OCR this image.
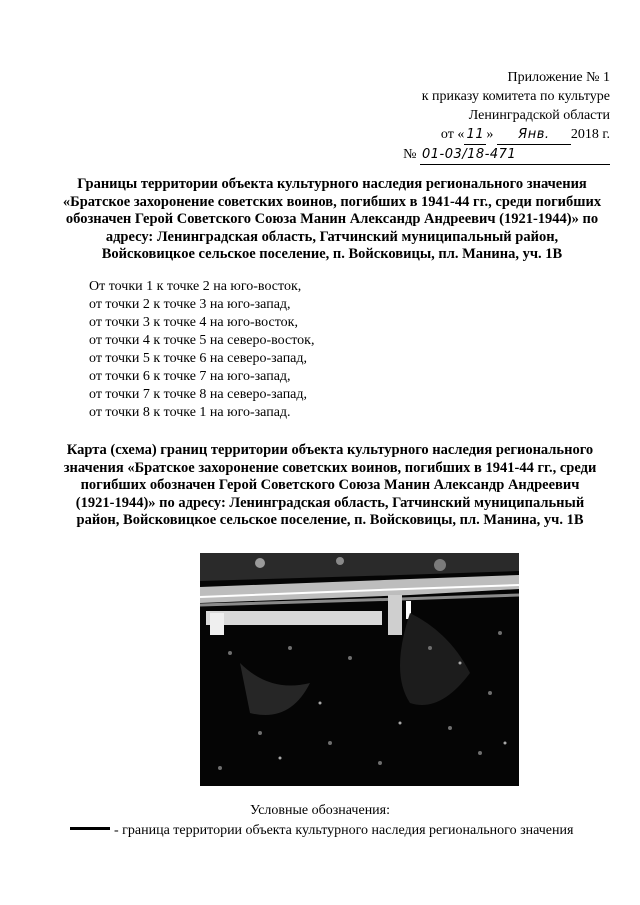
Приложение № 1
к приказу комитета по культуре
Ленинградской области
от « 11 » Янв. 2018 г.
№ 01-03/18-471
Границы территории объекта культурного наследия регионального значения «Братское захоронение советских воинов, погибших в 1941-44 гг., среди погибших обозначен Герой Советского Союза Манин Александр Андреевич (1921-1944)» по адресу: Ленинградская область, Гатчинский муниципальный район, Войсковицкое сельское поселение, п. Войсковицы, пл. Манина, уч. 1В
От точки 1 к точке 2 на юго-восток,
от точки 2 к точке 3 на юго-запад,
от точки 3 к точке 4 на юго-восток,
от точки 4 к точке 5 на северо-восток,
от точки 5 к точке 6 на северо-запад,
от точки 6 к точке 7 на юго-запад,
от точки 7 к точке 8 на северо-запад,
от точки 8 к точке 1 на юго-запад.
Карта (схема) границ территории объекта культурного наследия регионального значения «Братское захоронение советских воинов, погибших в 1941-44 гг., среди погибших обозначен Герой Советского Союза Манин Александр Андреевич (1921-1944)» по адресу: Ленинградская область, Гатчинский муниципальный район, Войсковицкое сельское поселение, п. Войсковицы, пл. Манина, уч. 1В
Условные обозначения:
- граница территории объекта культурного наследия регионального значения
